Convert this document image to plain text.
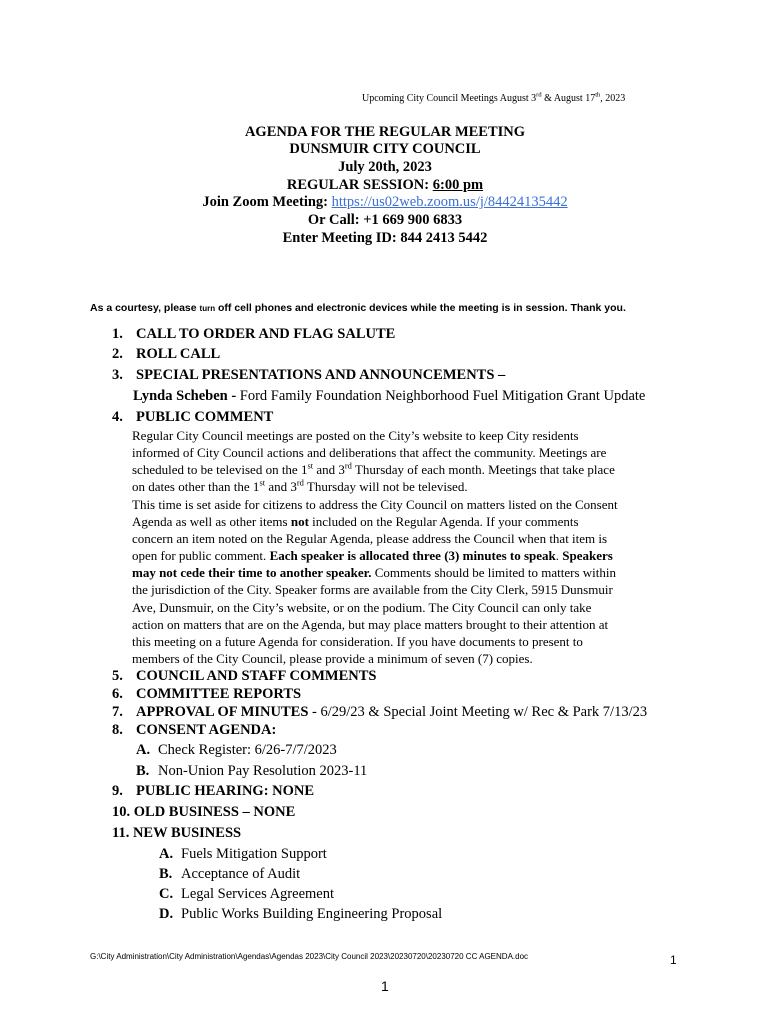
Upcoming City Council Meetings August 3rd & August 17th, 2023
AGENDA FOR THE REGULAR MEETING
DUNSMUIR CITY COUNCIL
July 20th, 2023
REGULAR SESSION: 6:00 pm
Join Zoom Meeting: https://us02web.zoom.us/j/84424135442
Or Call: +1 669 900 6833
Enter Meeting ID: 844 2413 5442
As a courtesy, please turn off cell phones and electronic devices while the meeting is in session. Thank you.
1. CALL TO ORDER AND FLAG SALUTE
2. ROLL CALL
3. SPECIAL PRESENTATIONS AND ANNOUNCEMENTS –
Lynda Scheben - Ford Family Foundation Neighborhood Fuel Mitigation Grant Update
4. PUBLIC COMMENT
Regular City Council meetings are posted on the City’s website to keep City residents
informed of City Council actions and deliberations that affect the community. Meetings are
scheduled to be televised on the 1st and 3rd Thursday of each month. Meetings that take place
on dates other than the 1st and 3rd Thursday will not be televised.
This time is set aside for citizens to address the City Council on matters listed on the Consent
Agenda as well as other items not included on the Regular Agenda. If your comments
concern an item noted on the Regular Agenda, please address the Council when that item is
open for public comment. Each speaker is allocated three (3) minutes to speak. Speakers
may not cede their time to another speaker. Comments should be limited to matters within
the jurisdiction of the City. Speaker forms are available from the City Clerk, 5915 Dunsmuir
Ave, Dunsmuir, on the City’s website, or on the podium. The City Council can only take
action on matters that are on the Agenda, but may place matters brought to their attention at
this meeting on a future Agenda for consideration. If you have documents to present to
members of the City Council, please provide a minimum of seven (7) copies.
5. COUNCIL AND STAFF COMMENTS
6. COMMITTEE REPORTS
7. APPROVAL OF MINUTES - 6/29/23 & Special Joint Meeting w/ Rec & Park 7/13/23
8. CONSENT AGENDA:
A. Check Register: 6/26-7/7/2023
B. Non-Union Pay Resolution 2023-11
9. PUBLIC HEARING: NONE
10. OLD BUSINESS – NONE
11. NEW BUSINESS
A. Fuels Mitigation Support
B. Acceptance of Audit
C. Legal Services Agreement
D. Public Works Building Engineering Proposal
G:\City Administration\City Administration\Agendas\Agendas 2023\City Council 2023\20230720\20230720 CC AGENDA.doc	1
1
